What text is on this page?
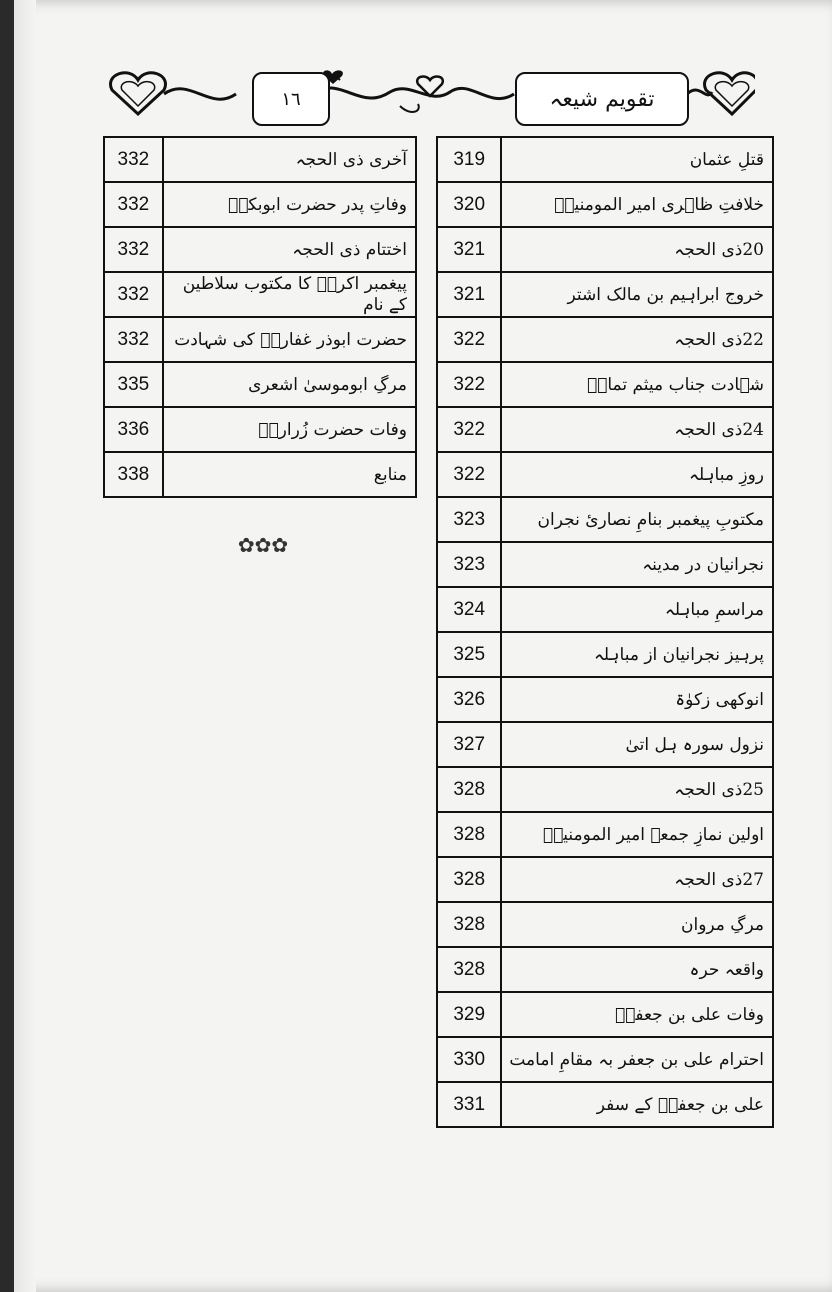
١٦	تقویم شیعہ
قتلِ عثمان	319
خلافتِ ظاہری امیر المومنینؑ	320
20ذی الحجہ	321
خروج ابراہیم بن مالک اشتر	321
22ذی الحجہ	322
شہادت جناب میثم تمارؒ	322
24ذی الحجہ	322
روزِ مباہلہ	322
مکتوبِ پیغمبر بنامِ نصارئ نجران	323
نجرانیان در مدینہ	323
مراسمِ مباہلہ	324
پرہیز نجرانیان از مباہلہ	325
انوکھی زکوٰۃ	326
نزول سورہ ہل اتیٰ	327
25ذی الحجہ	328
اولین نمازِ جمعہ امیر المومنینؑ	328
27ذی الحجہ	328
مرگِ مروان	328
واقعہ حرہ	328
وفات علی بن جعفرؒ	329
احترام علی بن جعفر بہ مقامِ امامت	330
علی بن جعفرؒ کے سفر	331
آخری ذی الحجہ	332
وفاتِ پدر حضرت ابوبکرؓ	332
اختتام ذی الحجہ	332
پیغمبر اکرمؐ کا مکتوب سلاطین کے نام	332
حضرت ابوذر غفاریؓ کی شہادت	332
مرگِ ابوموسیٰ اشعری	335
وفات حضرت زُرارہؒ	336
منابع	338
✿✿✿
